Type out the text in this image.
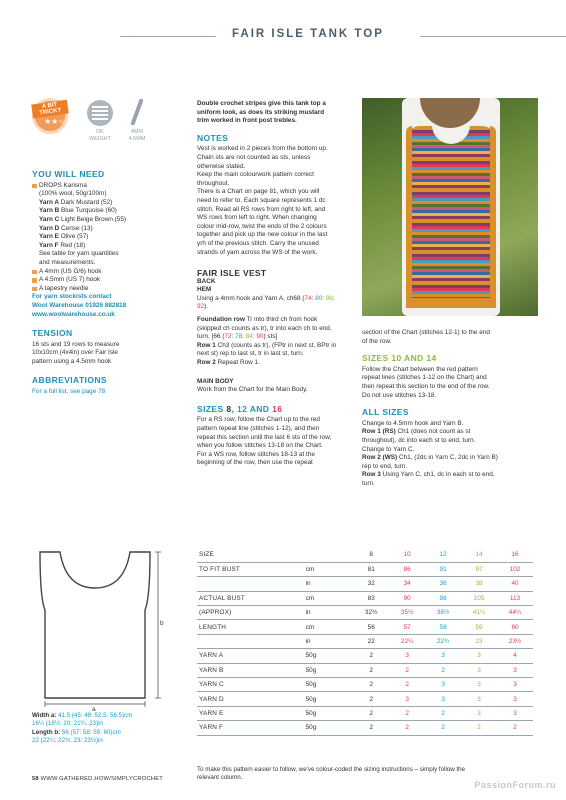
FAIR ISLE TANK TOP
★★☆
A BIT TRICKY
DK
WEIGHT
4MM
4.5MM
YOU WILL NEED
DROPS Karisma
(100% wool, 50g/100m)
Yarn A Dark Mustard (52)
Yarn B Blue Turquoise (60)
Yarn C Light Beige Brown (55)
Yarn D Cerise (13)
Yarn E Olive (57)
Yarn F Red (18)
See table for yarn quantities
and measurements.
A 4mm (US G/6) hook
A 4.5mm (US 7) hook
A tapestry needle
For yarn stockists contact
Wool Warehouse 01926 882818
www.woolwarehouse.co.uk
TENSION
16 sts and 19 rows to measure
10x10cm (4x4in) over Fair Isle
pattern using a 4.5mm hook
ABBREVIATIONS
For a full list, see page 78
Double crochet stripes give this tank top a
uniform look, as does its striking mustard
trim worked in front post trebles.
NOTES
Vest is worked in 2 pieces from the bottom up.
Chain sts are not counted as sts, unless
otherwise stated.
Keep the main colourwork pattern correct
throughout.
There is a Chart on page 81, which you will
need to refer to. Each square represents 1 dc
stitch. Read all RS rows from right to left, and
WS rows from left to right. When changing
colour mid-row, twist the ends of the 2 colours
together and pick up the new colour in the last
yrh of the previous stitch. Carry the unused
strands of yarn across the WS of the work.
FAIR ISLE VEST
BACK
HEM
Using a 4mm hook and Yarn A, ch68 (74: 80: 86:
92).
Foundation row Tr into third ch from hook
(skipped ch counts as tr), tr into each ch to end,
turn. [66 (72: 78: 84: 90) sts]
Row 1 Ch3 (counts as tr), (FPtr in next st, BPtr in
next st) rep to last st, tr in last st, turn.
Row 2 Repeat Row 1.
MAIN BODY
Work from the Chart for the Main Body.
SIZES 8, 12 AND 16
For a RS row, follow the Chart up to the red
pattern repeat line (stitches 1-12), and then
repeat this section until the last 6 sts of the row,
when you follow stitches 13-18 on the Chart.
For a WS row, follow stitches 18-13 at the
beginning of the row, then use the repeat
section of the Chart (stitches 12-1) to the end
of the row.
SIZES 10 AND 14
Follow the Chart between the red pattern
repeat lines (stitches 1-12 on the Chart) and
then repeat this section to the end of the row.
Do not use stitches 13-18.
ALL SIZES
Change to 4.5mm hook and Yarn B.
Row 1 (RS) Ch1 (does not count as st
throughout), dc into each st to end, turn.
Change to Yarn C.
Row 2 (WS) Ch1, (2dc in Yarn C, 2dc in Yarn B)
rep to end, turn.
Row 3 Using Yarn C, ch1, dc in each st to end,
turn.
a
b
Width a: 41.5 (45: 49: 52.5: 56.5)cm
16¼ (18½: 20: 21¼: 23)in
Length b: 56 (57: 58: 59: 60)cm
22 (22¼: 22¾: 23: 23½)in
SIZE		8	10	12	14	16
TO FIT BUST	cm	81	86	91	97	102
	in	32	34	36	38	40
ACTUAL BUST	cm	83	90	98	105	113
(APPROX)	in	32½	35½	38½	41¼	44¼
LENGTH	cm	56	57	58	59	60
	in	22	22¼	22¾	23	23½
YARN A	50g	2	3	3	3	4
YARN B	50g	2	2	2	3	3
YARN C	50g	2	2	3	3	3
YARN D	50g	2	3	3	3	3
YARN E	50g	2	2	2	3	3
YARN F	50g	2	2	2	2	2
To make this pattern easier to follow, we've colour-coded the sizing instructions – simply follow the
relevant column.
58 WWW.GATHERED.HOW/SIMPLYCROCHET
PassionForum.ru
